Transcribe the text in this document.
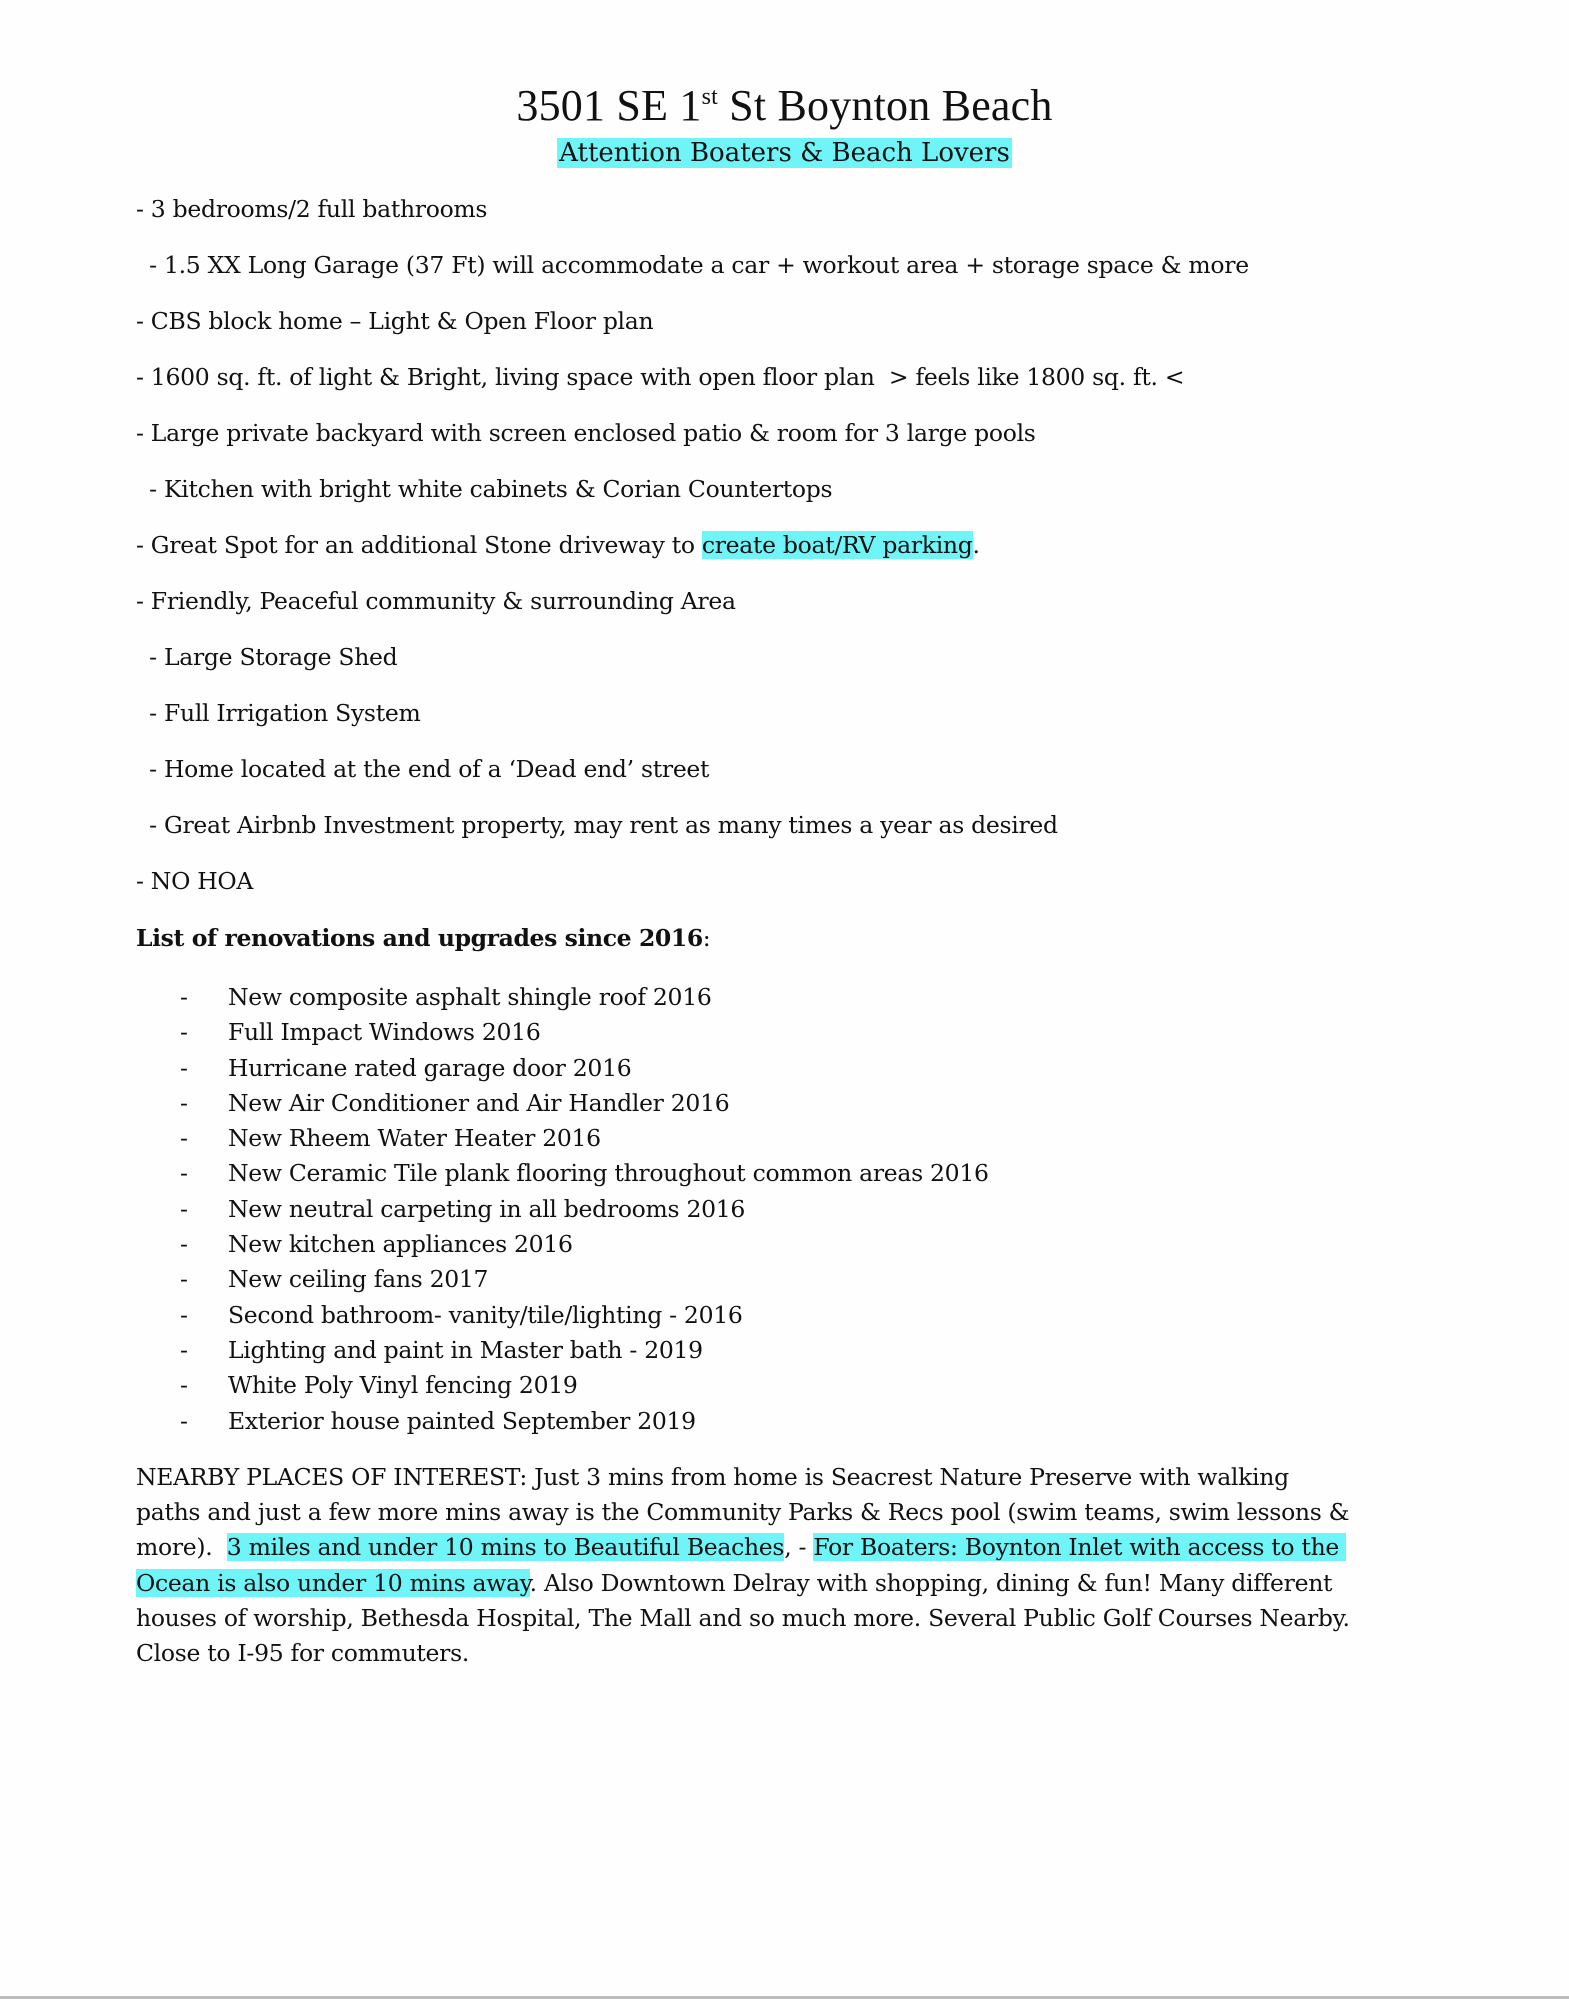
3501 SE 1st St Boynton Beach
Attention Boaters & Beach Lovers
- 3 bedrooms/2 full bathrooms
- 1.5 XX Long Garage (37 Ft) will accommodate a car + workout area + storage space & more
- CBS block home – Light & Open Floor plan
- 1600 sq. ft. of light & Bright, living space with open floor plan  > feels like 1800 sq. ft. <
- Large private backyard with screen enclosed patio & room for 3 large pools
- Kitchen with bright white cabinets & Corian Countertops
- Great Spot for an additional Stone driveway to create boat/RV parking.
- Friendly, Peaceful community & surrounding Area
- Large Storage Shed
- Full Irrigation System
- Home located at the end of a ‘Dead end’ street
- Great Airbnb Investment property, may rent as many times a year as desired
- NO HOA
List of renovations and upgrades since 2016:
-	New composite asphalt shingle roof 2016
-	Full Impact Windows 2016
-	Hurricane rated garage door 2016
-	New Air Conditioner and Air Handler 2016
-	New Rheem Water Heater 2016
-	New Ceramic Tile plank flooring throughout common areas 2016
-	New neutral carpeting in all bedrooms 2016
-	New kitchen appliances 2016
-	New ceiling fans 2017
-	Second bathroom- vanity/tile/lighting - 2016
-	Lighting and paint in Master bath - 2019
-	White Poly Vinyl fencing 2019
-	Exterior house painted September 2019
NEARBY PLACES OF INTEREST: Just 3 mins from home is Seacrest Nature Preserve with walking paths and just a few more mins away is the Community Parks & Recs pool (swim teams, swim lessons & more).  3 miles and under 10 mins to Beautiful Beaches, - For Boaters: Boynton Inlet with access to the Ocean is also under 10 mins away. Also Downtown Delray with shopping, dining & fun! Many different houses of worship, Bethesda Hospital, The Mall and so much more. Several Public Golf Courses Nearby.   Close to I-95 for commuters.
